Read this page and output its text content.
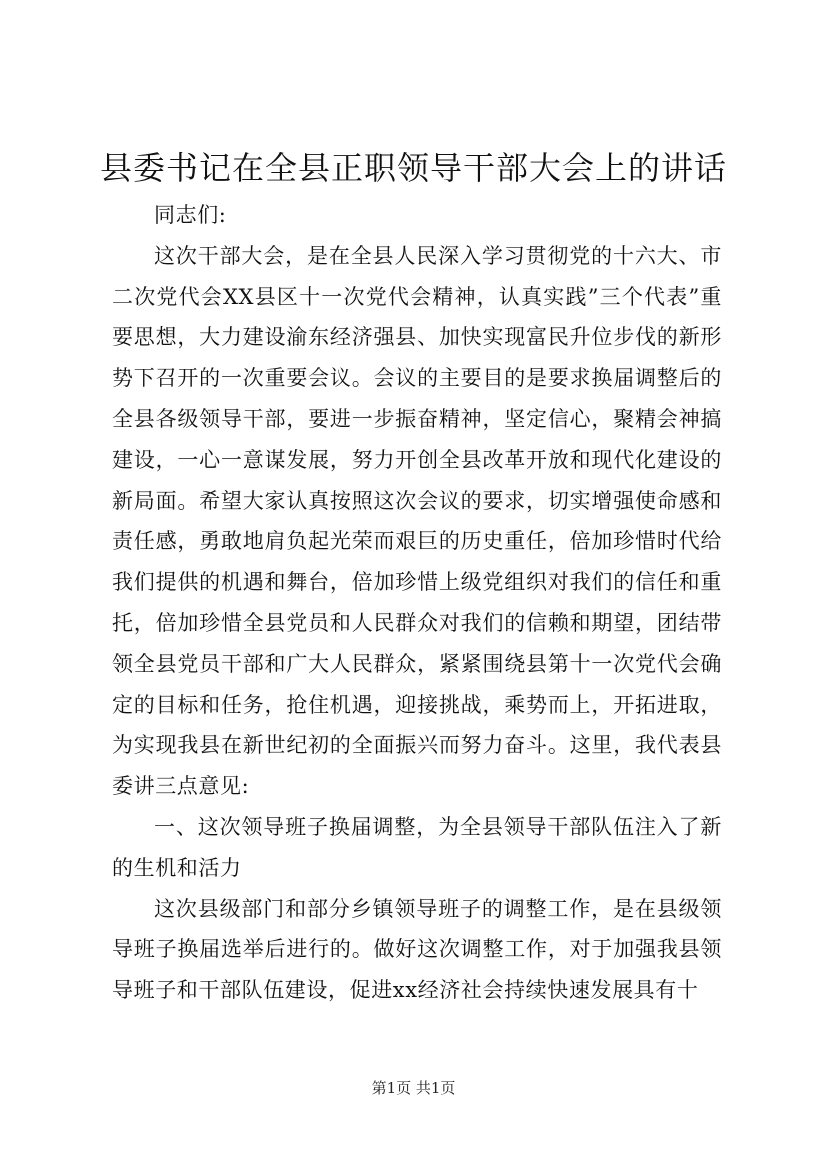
县委书记在全县正职领导干部大会上的讲话

同志们:

这次干部大会，是在全县人民深入学习贯彻党的十六大、市二次党代会XX县区十一次党代会精神，认真实践”三个代表”重要思想，大力建设渝东经济强县、加快实现富民升位步伐的新形势下召开的一次重要会议。会议的主要目的是要求换届调整后的全县各级领导干部，要进一步振奋精神，坚定信心，聚精会神搞建设，一心一意谋发展，努力开创全县改革开放和现代化建设的新局面。希望大家认真按照这次会议的要求，切实增强使命感和责任感，勇敢地肩负起光荣而艰巨的历史重任，倍加珍惜时代给我们提供的机遇和舞台，倍加珍惜上级党组织对我们的信任和重托，倍加珍惜全县党员和人民群众对我们的信赖和期望，团结带领全县党员干部和广大人民群众，紧紧围绕县第十一次党代会确定的目标和任务，抢住机遇，迎接挑战，乘势而上，开拓进取，为实现我县在新世纪初的全面振兴而努力奋斗。这里，我代表县委讲三点意见:

一、这次领导班子换届调整，为全县领导干部队伍注入了新的生机和活力

这次县级部门和部分乡镇领导班子的调整工作，是在县级领导班子换届选举后进行的。做好这次调整工作，对于加强我县领导班子和干部队伍建设，促进xx经济社会持续快速发展具有十

第1页 共1页
